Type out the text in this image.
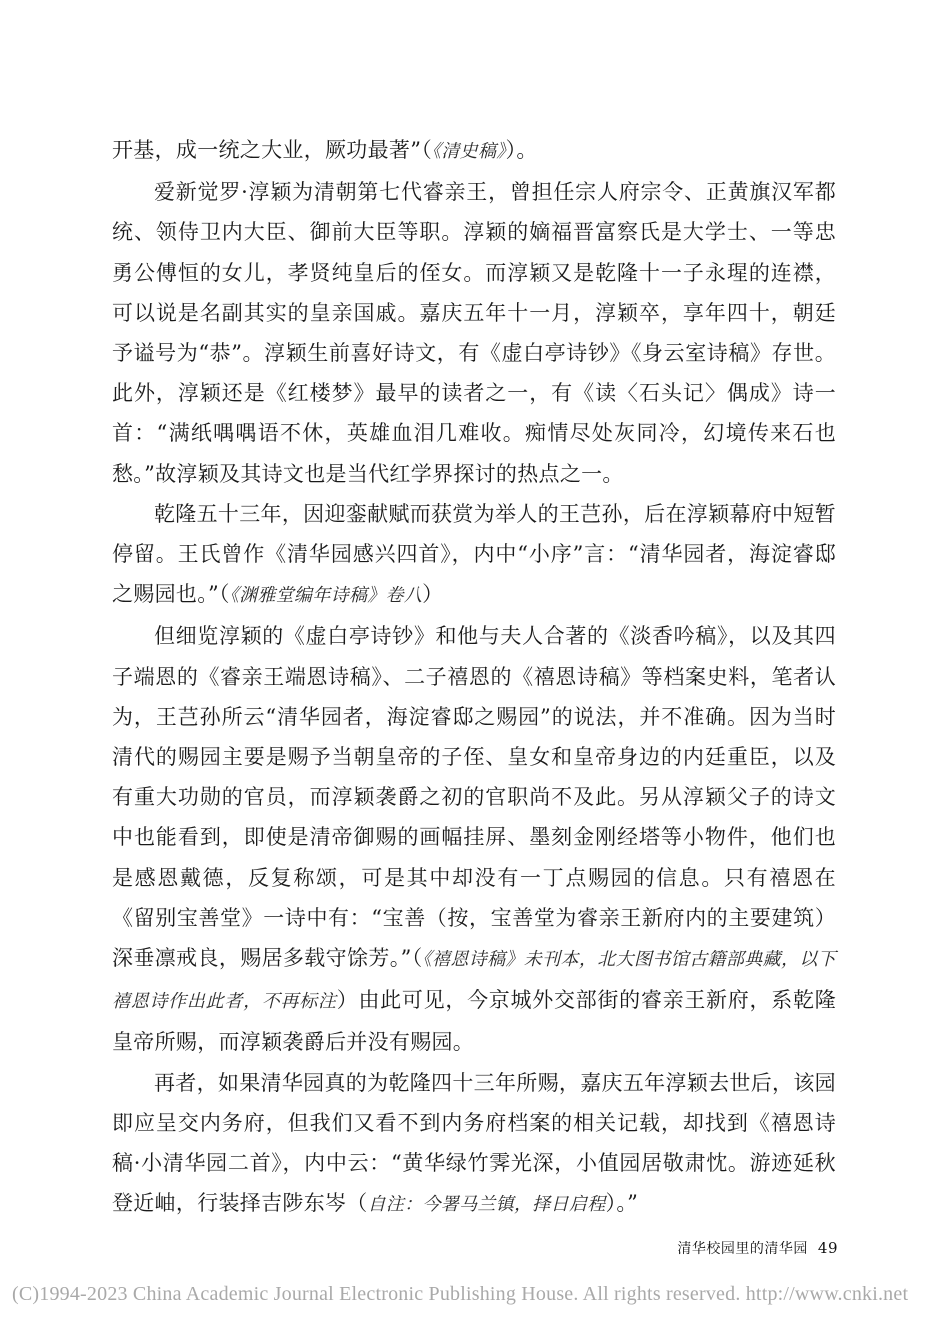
开基，成一统之大业，厥功最著”（《清史稿》）。

爱新觉罗·淳颖为清朝第七代睿亲王，曾担任宗人府宗令、正黄旗汉军都统、领侍卫内大臣、御前大臣等职。淳颖的嫡福晋富察氏是大学士、一等忠勇公傅恒的女儿，孝贤纯皇后的侄女。而淳颖又是乾隆十一子永瑆的连襟，可以说是名副其实的皇亲国戚。嘉庆五年十一月，淳颖卒，享年四十，朝廷予谥号为“恭”。淳颖生前喜好诗文，有《虚白亭诗钞》《身云室诗稿》存世。此外，淳颖还是《红楼梦》最早的读者之一，有《读〈石头记〉偶成》诗一首：“满纸喁喁语不休，英雄血泪几难收。痴情尽处灰同冷，幻境传来石也愁。”故淳颖及其诗文也是当代红学界探讨的热点之一。

乾隆五十三年，因迎銮献赋而获赏为举人的王芑孙，后在淳颖幕府中短暂停留。王氏曾作《清华园感兴四首》，内中“小序”言：“清华园者，海淀睿邸之赐园也。”（《渊雅堂编年诗稿》卷八）

但细览淳颖的《虚白亭诗钞》和他与夫人合著的《淡香吟稿》，以及其四子端恩的《睿亲王端恩诗稿》、二子禧恩的《禧恩诗稿》等档案史料，笔者认为，王芑孙所云“清华园者，海淀睿邸之赐园”的说法，并不准确。因为当时清代的赐园主要是赐予当朝皇帝的子侄、皇女和皇帝身边的内廷重臣，以及有重大功勋的官员，而淳颖袭爵之初的官职尚不及此。另从淳颖父子的诗文中也能看到，即使是清帝御赐的画幅挂屏、墨刻金刚经塔等小物件，他们也是感恩戴德，反复称颂，可是其中却没有一丁点赐园的信息。只有禧恩在《留别宝善堂》一诗中有：“宝善（按，宝善堂为睿亲王新府内的主要建筑）深垂凛戒良，赐居多载守馀芳。”（《禧恩诗稿》未刊本，北大图书馆古籍部典藏，以下禧恩诗作出此者，不再标注）由此可见，今京城外交部街的睿亲王新府，系乾隆皇帝所赐，而淳颖袭爵后并没有赐园。

再者，如果清华园真的为乾隆四十三年所赐，嘉庆五年淳颖去世后，该园即应呈交内务府，但我们又看不到内务府档案的相关记载，却找到《禧恩诗稿·小清华园二首》，内中云：“黄华绿竹霁光深，小值园居敬肃忱。游迹延秋登近岫，行装择吉陟东岑（自注：今署马兰镇，择日启程）。”

清华校园里的清华园 49
(C)1994-2023 China Academic Journal Electronic Publishing House. All rights reserved. http://www.cnki.net
